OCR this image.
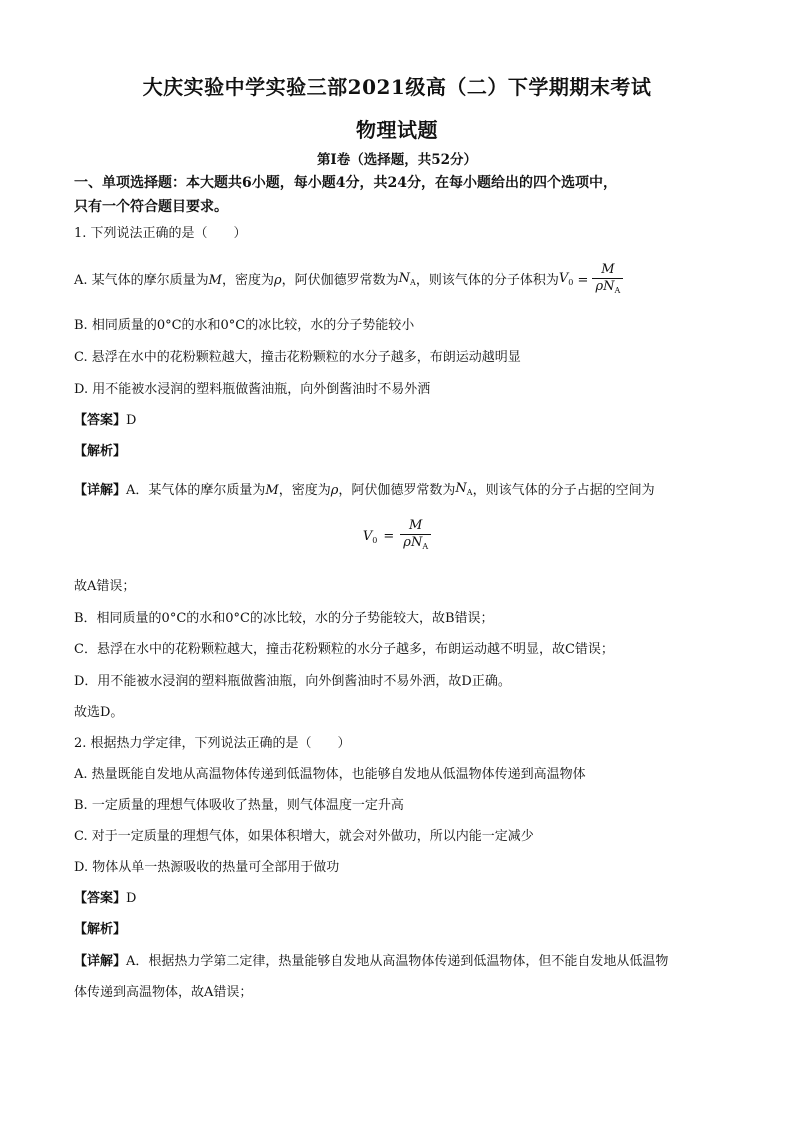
大庆实验中学实验三部2021级高（二）下学期期末考试
物理试题
第Ⅰ卷（选择题，共52分）
一、单项选择题：本大题共6小题，每小题4分，共24分，在每小题给出的四个选项中，
只有一个符合题目要求。
1. 下列说法正确的是（　　）
A. 某气体的摩尔质量为 M ，密度为 ρ ，阿伏伽德罗常数为 $N_A$ ，则该气体的分子体积为 $V_0 = \frac{M}{\rho N_A}$
B. 相同质量的0°C的水和0°C的冰比较，水的分子势能较小
C. 悬浮在水中的花粉颗粒越大，撞击花粉颗粒的水分子越多，布朗运动越明显
D. 用不能被水浸润的塑料瓶做酱油瓶，向外倒酱油时不易外洒
【答案】D
【解析】
【详解】 A．某气体的摩尔质量为 M ，密度为 ρ ，阿伏伽德罗常数为 $N_A$ ，则该气体的分子占据的空间为
$V_0 = \frac{M}{\rho N_A}$
故A错误；
B．相同质量的0°C的水和0°C的冰比较，水的分子势能较大，故B错误；
C．悬浮在水中的花粉颗粒越大，撞击花粉颗粒的水分子越多，布朗运动越不明显，故C错误；
D．用不能被水浸润的塑料瓶做酱油瓶，向外倒酱油时不易外洒，故D正确。
故选D。
2. 根据热力学定律，下列说法正确的是（　　）
A. 热量既能自发地从高温物体传递到低温物体，也能够自发地从低温物体传递到高温物体
B. 一定质量的理想气体吸收了热量，则气体温度一定升高
C. 对于一定质量的理想气体，如果体积增大，就会对外做功，所以内能一定减少
D. 物体从单一热源吸收的热量可全部用于做功
【答案】D
【解析】
【详解】A．根据热力学第二定律，热量能够自发地从高温物体传递到低温物体，但不能自发地从低温物
体传递到高温物体，故A错误；
